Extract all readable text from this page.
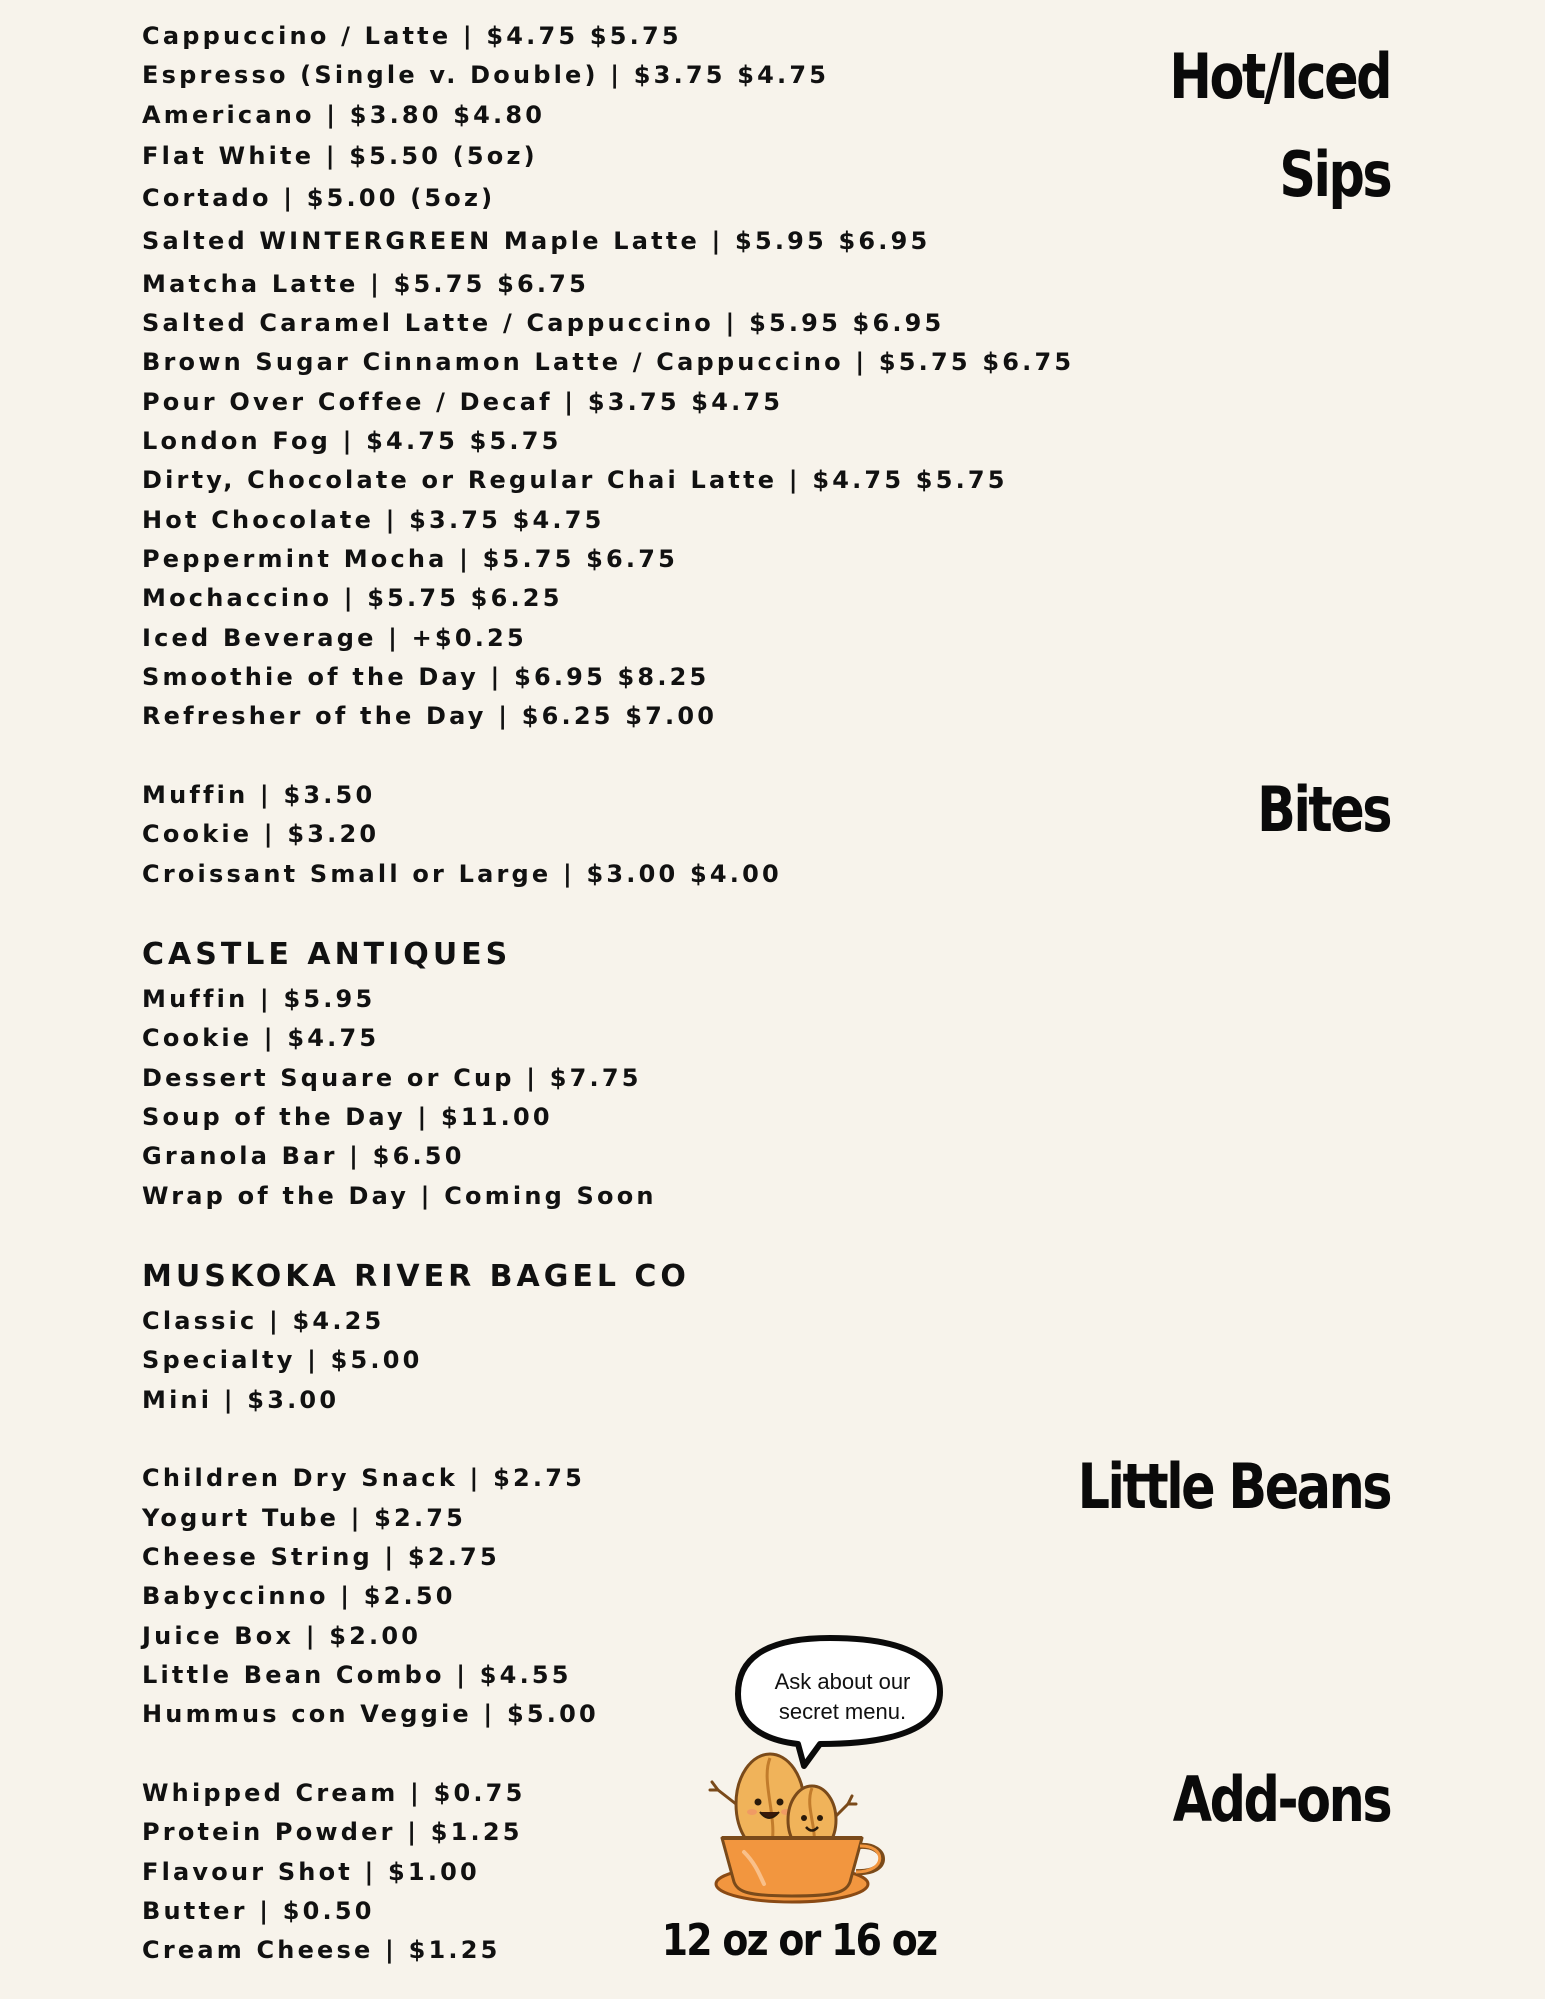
Hot/Iced
Sips
Bites
Little Beans
Add-ons
Cappuccino / Latte | $4.75 $5.75
Espresso (Single v. Double) | $3.75 $4.75
Americano | $3.80 $4.80
Flat White | $5.50 (5oz)
Cortado | $5.00 (5oz)
Salted WINTERGREEN Maple Latte | $5.95 $6.95
Matcha Latte | $5.75 $6.75
Salted Caramel Latte / Cappuccino | $5.95 $6.95
Brown Sugar Cinnamon Latte / Cappuccino | $5.75 $6.75
Pour Over Coffee / Decaf | $3.75 $4.75
London Fog | $4.75 $5.75
Dirty, Chocolate or Regular Chai Latte | $4.75 $5.75
Hot Chocolate | $3.75 $4.75
Peppermint Mocha | $5.75 $6.75
Mochaccino | $5.75 $6.25
Iced Beverage | +$0.25
Smoothie of the Day | $6.95 $8.25
Refresher of the Day | $6.25 $7.00
Muffin | $3.50
Cookie | $3.20
Croissant Small or Large | $3.00 $4.00
CASTLE ANTIQUES
Muffin | $5.95
Cookie | $4.75
Dessert Square or Cup | $7.75
Soup of the Day | $11.00
Granola Bar | $6.50
Wrap of the Day | Coming Soon
MUSKOKA RIVER BAGEL CO
Classic | $4.25
Specialty | $5.00
Mini | $3.00
Children Dry Snack | $2.75
Yogurt Tube | $2.75
Cheese String | $2.75
Babyccinno | $2.50
Juice Box | $2.00
Little Bean Combo | $4.55
Hummus con Veggie | $5.00
Whipped Cream | $0.75
Protein Powder | $1.25
Flavour Shot | $1.00
Butter | $0.50
Cream Cheese | $1.25
Ask about our
secret menu.
12 oz or 16 oz
